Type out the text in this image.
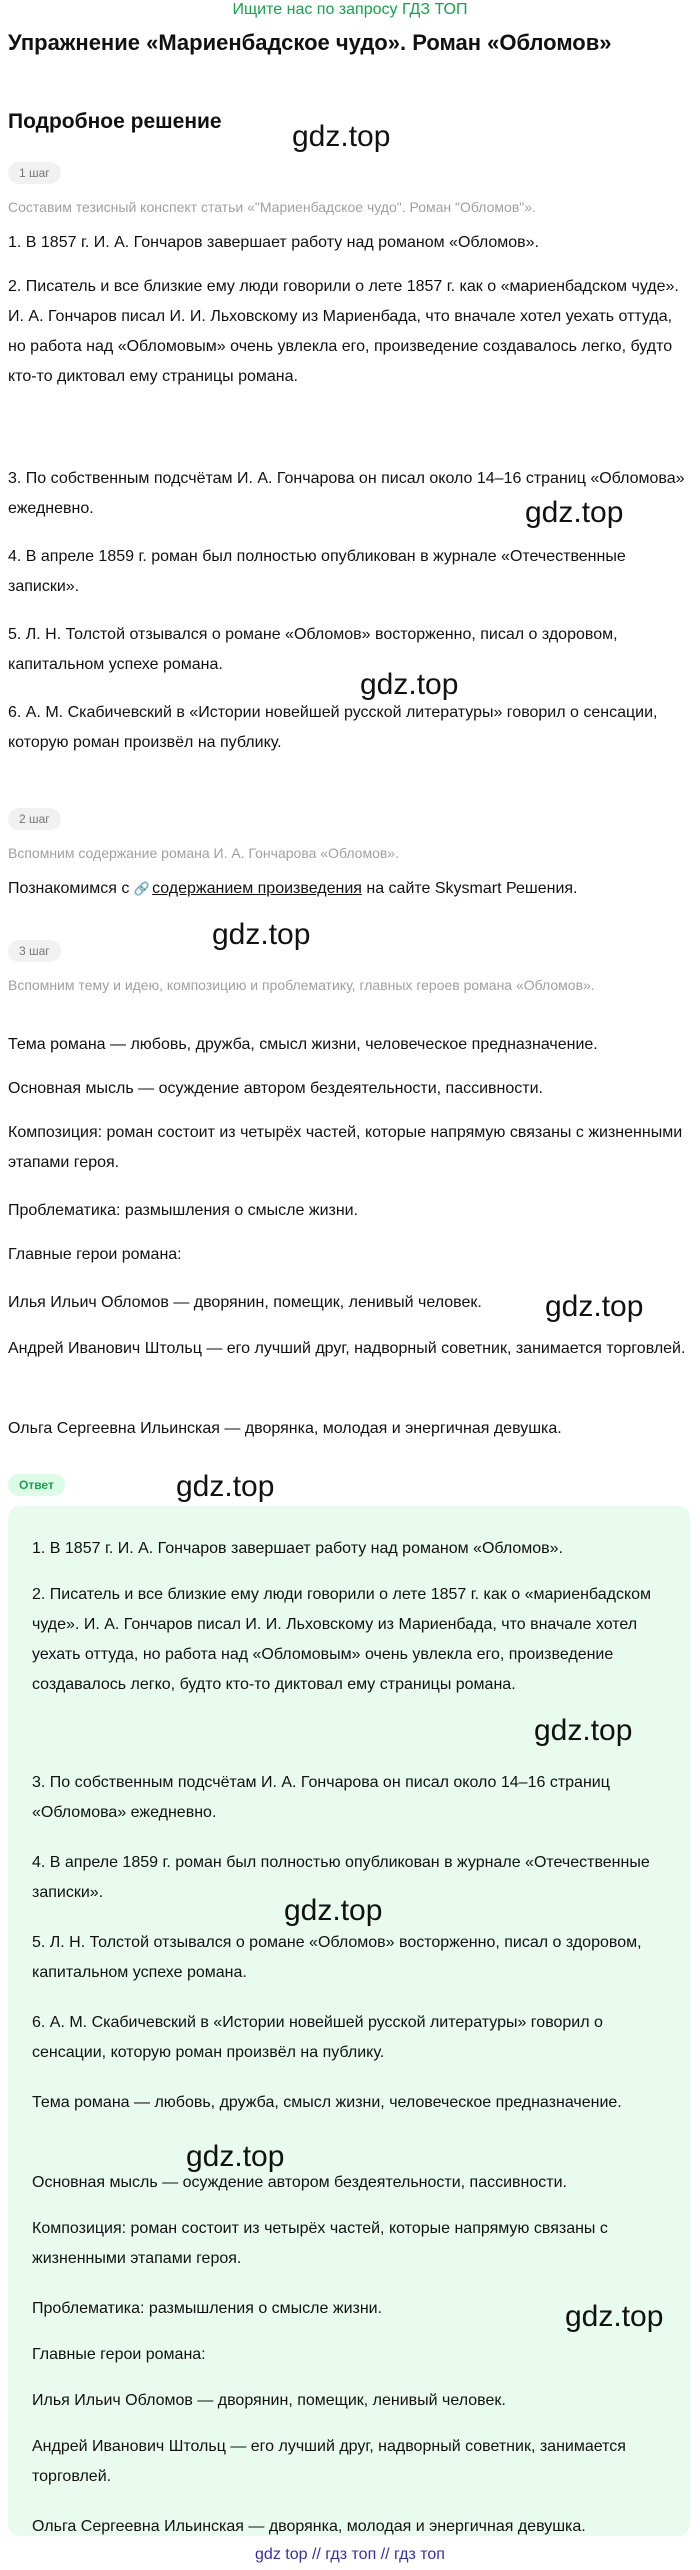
Ищите нас по запросу ГДЗ ТОП
Упражнение «Мариенбадское чудо». Роман «Обломов»
Подробное решение
1 шаг
Составим тезисный конспект статьи «"Мариенбадское чудо". Роман "Обломов"».

1. В 1857 г. И. А. Гончаров завершает работу над романом «Обломов».

2. Писатель и все близкие ему люди говорили о лете 1857 г. как о «мариенбадском чуде». И. А. Гончаров писал И. И. Льховскому из Мариенбада, что вначале хотел уехать оттуда, но работа над «Обломовым» очень увлекла его, произведение создавалось легко, будто кто-то диктовал ему страницы романа.

3. По собственным подсчётам И. А. Гончарова он писал около 14–16 страниц «Обломова» ежедневно.

4. В апреле 1859 г. роман был полностью опубликован в журнале «Отечественные записки».

5. Л. Н. Толстой отзывался о романе «Обломов» восторженно, писал о здоровом, капитальном успехе романа.

6. А. М. Скабичевский в «Истории новейшей русской литературы» говорил о сенсации, которую роман произвёл на публику.

2 шаг
Вспомним содержание романа И. А. Гончарова «Обломов».

Познакомимся с 🔗 содержанием произведения на сайте Skysmart Решения.

3 шаг
Вспомним тему и идею, композицию и проблематику, главных героев романа «Обломов».

Тема романа — любовь, дружба, смысл жизни, человеческое предназначение.

Основная мысль — осуждение автором бездеятельности, пассивности.

Композиция: роман состоит из четырёх частей, которые напрямую связаны с жизненными этапами героя.

Проблематика: размышления о смысле жизни.

Главные герои романа:

Илья Ильич Обломов — дворянин, помещик, ленивый человек.

Андрей Иванович Штольц — его лучший друг, надворный советник, занимается торговлей.

Ольга Сергеевна Ильинская — дворянка, молодая и энергичная девушка.

Ответ

1. В 1857 г. И. А. Гончаров завершает работу над романом «Обломов».

2. Писатель и все близкие ему люди говорили о лете 1857 г. как о «мариенбадском чуде». И. А. Гончаров писал И. И. Льховскому из Мариенбада, что вначале хотел уехать оттуда, но работа над «Обломовым» очень увлекла его, произведение создавалось легко, будто кто-то диктовал ему страницы романа.

3. По собственным подсчётам И. А. Гончарова он писал около 14–16 страниц «Обломова» ежедневно.

4. В апреле 1859 г. роман был полностью опубликован в журнале «Отечественные записки».

5. Л. Н. Толстой отзывался о романе «Обломов» восторженно, писал о здоровом, капитальном успехе романа.

6. А. М. Скабичевский в «Истории новейшей русской литературы» говорил о сенсации, которую роман произвёл на публику.

Тема романа — любовь, дружба, смысл жизни, человеческое предназначение.

Основная мысль — осуждение автором бездеятельности, пассивности.

Композиция: роман состоит из четырёх частей, которые напрямую связаны с жизненными этапами героя.

Проблематика: размышления о смысле жизни.

Главные герои романа:

Илья Ильич Обломов — дворянин, помещик, ленивый человек.

Андрей Иванович Штольц — его лучший друг, надворный советник, занимается торговлей.

Ольга Сергеевна Ильинская — дворянка, молодая и энергичная девушка.

gdz.top
gdz.top
gdz.top
gdz.top
gdz.top
gdz.top
gdz.top
gdz.top
gdz.top
gdz.top
gdz top // гдз топ // гдз топ
